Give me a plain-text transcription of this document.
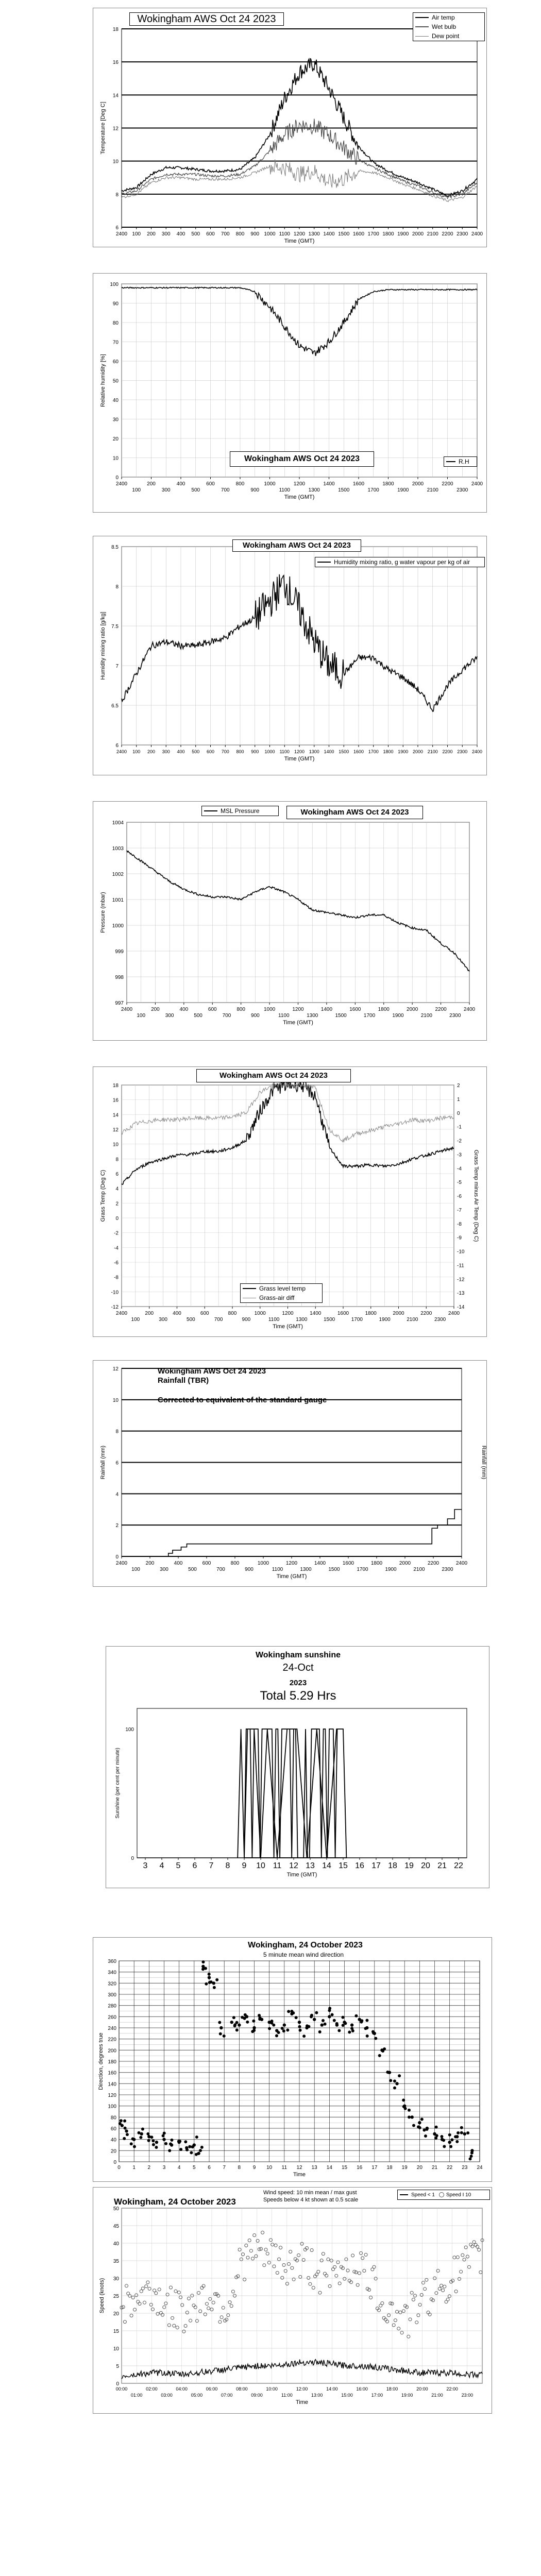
6
8
10
12
14
16
18
2400 100 200 300 400 500 600 700 800 900 1000 1100 1200 1300 1400 1500 1600 1700 1800 1900 2000 2100 2200 2300 2400
Time (GMT)
Temperature [Deg C]
Wokingham AWS Oct 24 2023	Air temp
Wet bulb
Dew point
0
10
20
30
40
50
60
70
80
90
100
2400	200	400	600	800	1000	1200	1400	1600	1800	2000	2200	2400
100	300	500	700	900	1100	1300	1500	1700	1900	2100	2300
Time (GMT)
Relative humidity [%]
Wokingham AWS Oct 24 2023	R.H
6
6.5
7
7.5
8
8.5
2400 100 200 300 400 500 600 700 800 900 1000 1100 1200 1300 1400 1500 1600 1700 1800 1900 2000 2100 2200 2300 2400
Time (GMT)
Humidity mixing ratio [g/kg]
Wokingham AWS Oct 24 2023
Humidity mixing ratio, g water vapour per kg of air
997
998
999
1000
1001
1002
1003
1004
2400	200	400	600	800	1000	1200	1400	1600	1800	2000	2200	2400
100	300	500	700	900	1100	1300	1500	1700	1900	2100	2300
Time (GMT)
Pressure (mbar)
MSL Pressure	Wokingham AWS Oct 24 2023
-12
-10
-8
-6
-4
-2
0
2
4
6
8
10
12
14
16
18
-14
-13
-12
-11
-10
-9
-8
-7
-6
-5
-4
-3
-2
-1
0
1
2
2400	200	400	600	800	1000	1200	1400	1600	1800	2000	2200	2400
100	300	500	700	900	1100	1300	1500	1700	1900	2100	2300
Time (GMT)
Grass Temp (Deg C)	Grass Temp minus Air Temp (Deg C)
Wokingham AWS Oct 24 2023
Grass level temp
Grass-air diff
0
2
4
6
8
10
12
2400	200	400	600	800	1000	1200	1400	1600	1800	2000	2200	2400
100	300	500	700	900	1100	1300	1500	1700	1900	2100	2300
Time (GMT)
Rainfall (mm)	Rainfall (mm)
Wokingham AWS Oct 24 2023
Rainfall (TBR)
Corrected to equivalent of the standard gauge
0
100
3 4 5 6 7 8 9 10 11 12 13 14 15 16 17 18 19 20 21 22
Time (GMT)
Sunshine (per cent per minute)
Wokingham sunshine
24-Oct
2023
Total 5.29 Hrs
0
20
40
60
80
100
120
140
160
180
200
220
240
260
280
300
320
340
360
0 1 2 3 4 5 6 7 8 9 10 11 12 13 14 15 16 17 18 19 20 21 22 23 24
Time
Direction, degrees true
Wokingham, 24 October 2023
5 minute mean wind direction
0
5
10
15
20
25
30
35
40
45
50
00:00	02:00	04:00	06:00	08:00	10:00	12:00	14:00	16:00	18:00	20:00	22:00
01:00	03:00	05:00	07:00	09:00	11:00	13:00	15:00	17:00	19:00	21:00	23:00
Time
Speed (knots)
Wokingham, 24 October 2023
Wind speed: 10 min mean / max gust
Speeds below 4 kt shown at 0.5 scale
Speed < 1 Speed I 10
